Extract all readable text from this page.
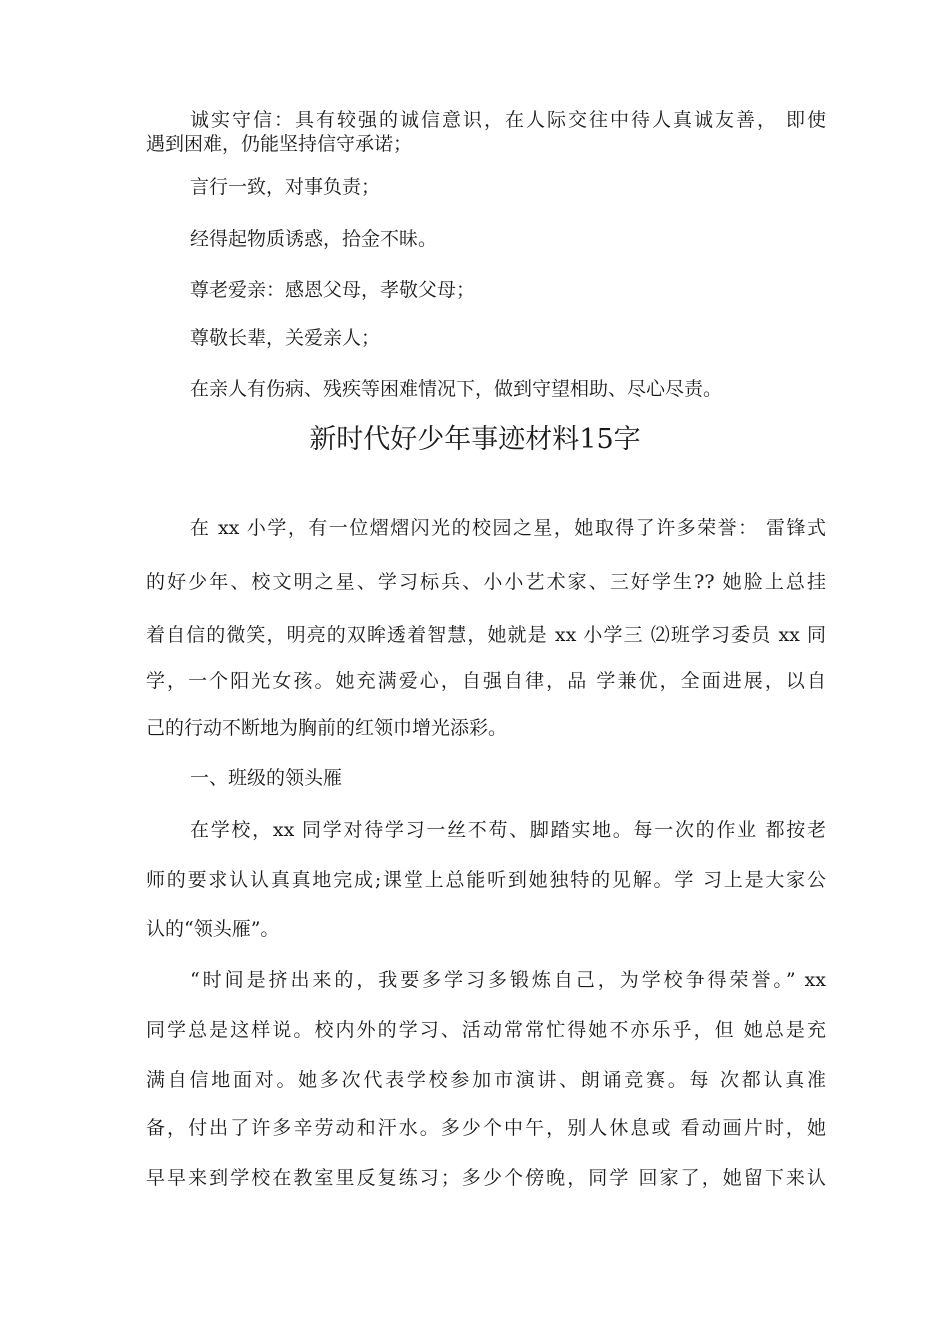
诚实守信：具有较强的诚信意识，在人际交往中待人真诚友善， 即使
遇到困难，仍能坚持信守承诺；
言行一致，对事负责；
经得起物质诱惑，拾金不昧。
尊老爱亲：感恩父母，孝敬父母；
尊敬长辈，关爱亲人；
在亲人有伤病、残疾等困难情况下，做到守望相助、尽心尽责。
新时代好少年事迹材料15字
在 xx 小学，有一位熠熠闪光的校园之星，她取得了许多荣誉： 雷锋式
的好少年、校文明之星、学习标兵、小小艺术家、三好学生?? 她脸上总挂
着自信的微笑，明亮的双眸透着智慧，她就是 xx 小学三 ⑵班学习委员 xx 同
学，一个阳光女孩。她充满爱心，自强自律，品 学兼优，全面进展，以自
己的行动不断地为胸前的红领巾增光添彩。
一、班级的领头雁
在学校，xx 同学对待学习一丝不苟、脚踏实地。每一次的作业 都按老
师的要求认认真真地完成;课堂上总能听到她独特的见解。学 习上是大家公
认的“领头雁”。
“时间是挤出来的，我要多学习多锻炼自己，为学校争得荣誉。” xx
同学总是这样说。校内外的学习、活动常常忙得她不亦乐乎，但 她总是充
满自信地面对。她多次代表学校参加市演讲、朗诵竞赛。每 次都认真准
备，付出了许多辛劳动和汗水。多少个中午，别人休息或 看动画片时，她
早早来到学校在教室里反复练习；多少个傍晚，同学 回家了，她留下来认
